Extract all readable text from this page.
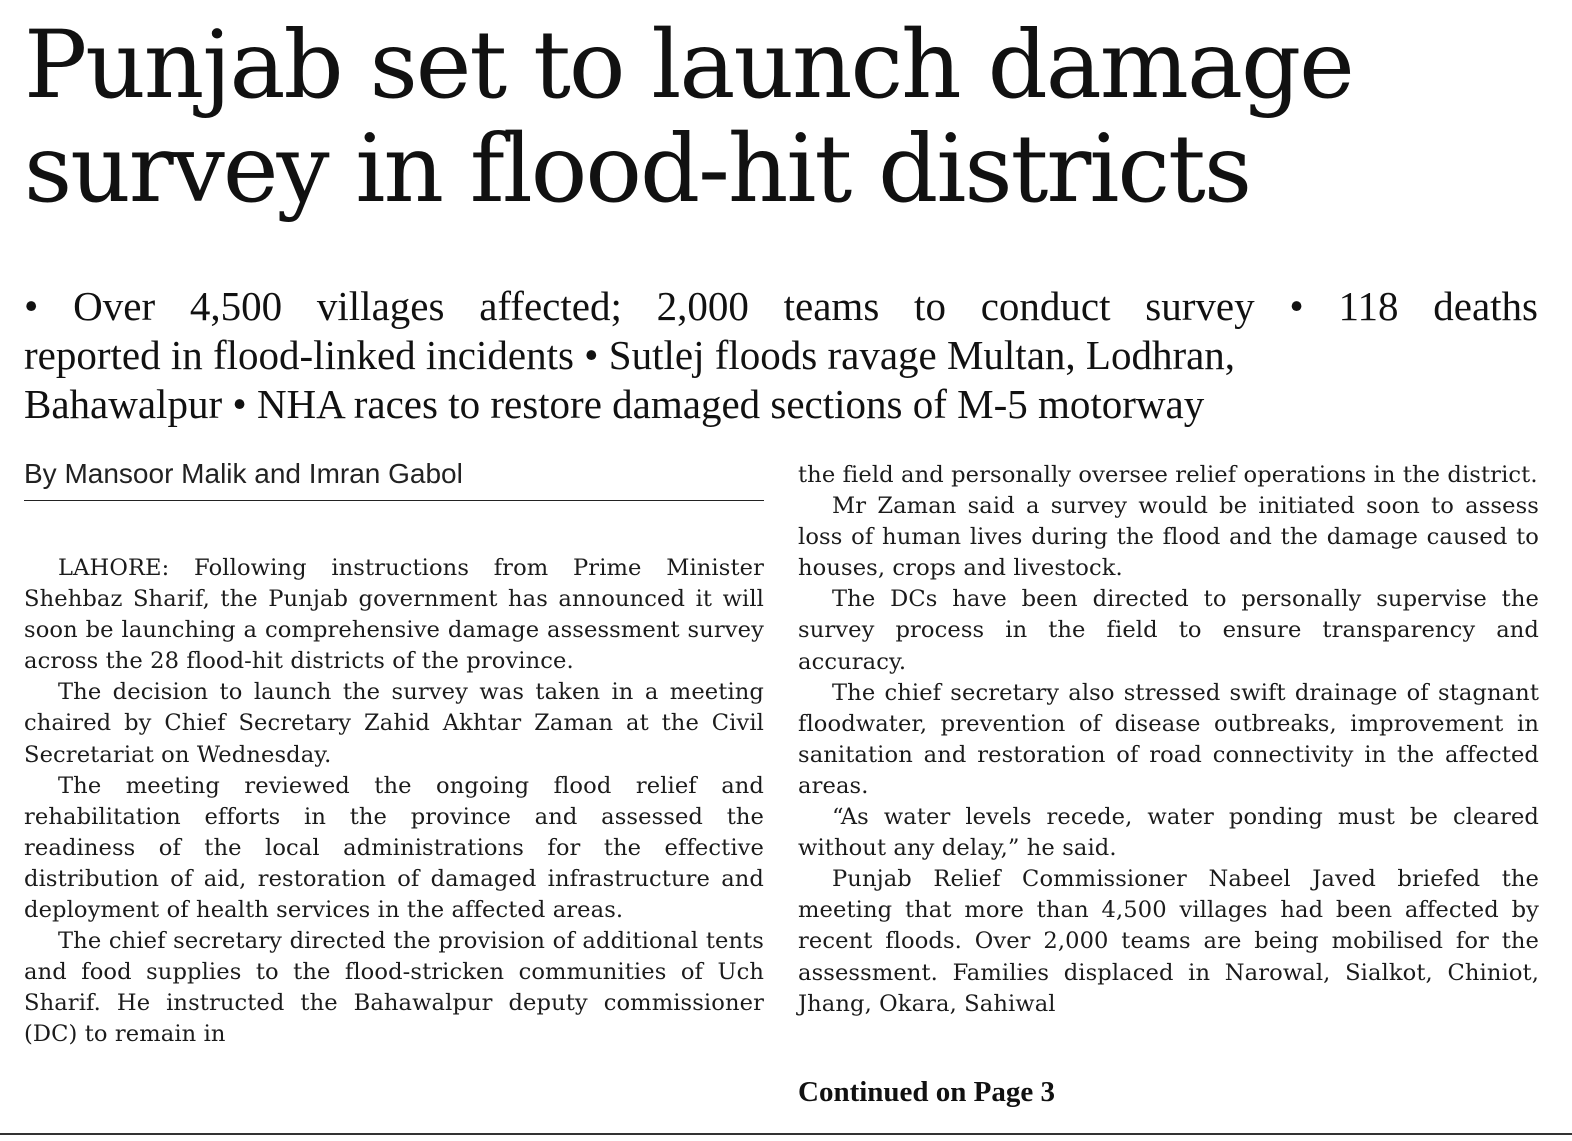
Punjab set to launch damage
survey in flood-hit districts

• Over 4,500 villages affected; 2,000 teams to conduct survey • 118 deaths

reported in flood-linked incidents • Sutlej floods ravage Multan, Lodhran,

Bahawalpur • NHA races to restore damaged sections of M-5 motorway

By Mansoor Malik and Imran Gabol

LAHORE: Following instructions from Prime Minister Shehbaz Sharif, the Punjab government has announced it will soon be launching a comprehensive damage assessment survey across the 28 flood-hit districts of the province.

The decision to launch the survey was taken in a meeting chaired by Chief Secretary Zahid Akhtar Zaman at the Civil Secretariat on Wednesday.

The meeting reviewed the ongoing flood relief and rehabilitation efforts in the province and assessed the readiness of the local administrations for the effective distribution of aid, restoration of damaged infrastructure and deployment of health services in the affected areas.

The chief secretary directed the provision of additional tents and food supplies to the flood-stricken communities of Uch Sharif. He instructed the Bahawalpur deputy commissioner (DC) to remain in

the field and personally oversee relief operations in the district.

Mr Zaman said a survey would be initiated soon to assess loss of human lives during the flood and the damage caused to houses, crops and livestock.

The DCs have been directed to personally supervise the survey process in the field to ensure transparency and accuracy.

The chief secretary also stressed swift drainage of stagnant floodwater, prevention of disease outbreaks, improvement in sanitation and restoration of road connectivity in the affected areas.

“As water levels recede, water ponding must be cleared without any delay,” he said.

Punjab Relief Commissioner Nabeel Javed briefed the meeting that more than 4,500 villages had been affected by recent floods. Over 2,000 teams are being mobilised for the assessment. Families displaced in Narowal, Sialkot, Chiniot, Jhang, Okara, Sahiwal

Continued on Page 3
